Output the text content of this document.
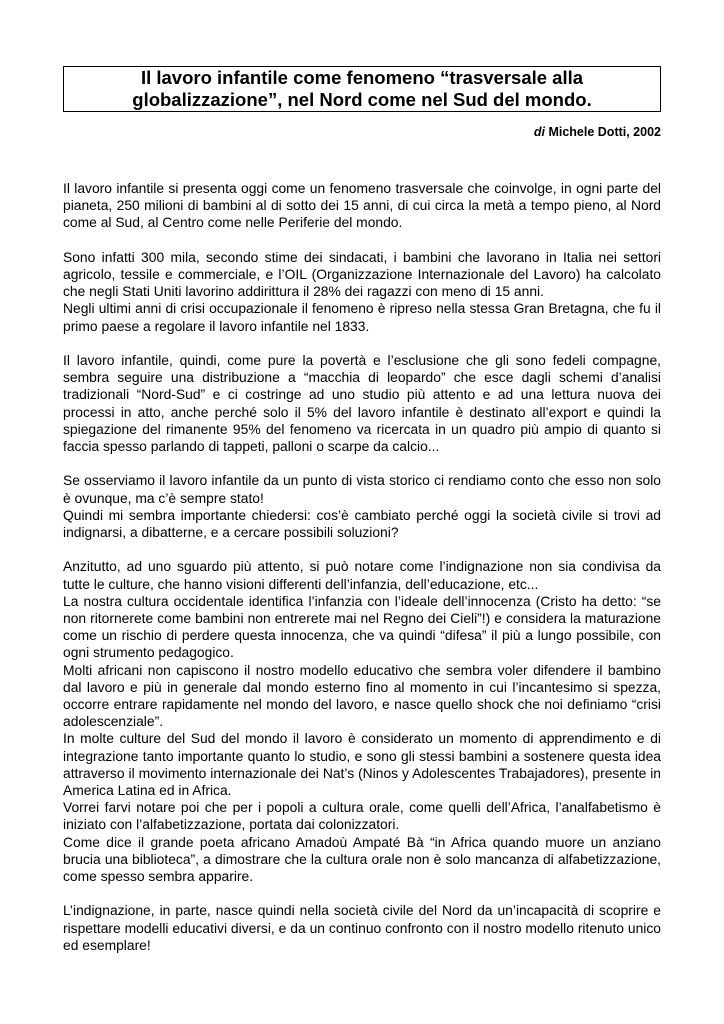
Il lavoro infantile come fenomeno “trasversale alla
globalizzazione”, nel Nord come nel Sud del mondo.
di Michele Dotti, 2002

Il lavoro infantile si presenta oggi come un fenomeno trasversale che coinvolge, in ogni parte del pianeta, 250 milioni di bambini al di sotto dei 15 anni, di cui circa la metà a tempo pieno, al Nord come al Sud, al Centro come nelle Periferie del mondo.

Sono infatti 300 mila, secondo stime dei sindacati, i bambini che lavorano in Italia nei settori agricolo, tessile e commerciale, e l’OIL (Organizzazione Internazionale del Lavoro) ha calcolato che negli Stati Uniti lavorino addirittura il 28% dei ragazzi con meno di 15 anni.
Negli ultimi anni di crisi occupazionale il fenomeno è ripreso nella stessa Gran Bretagna, che fu il primo paese a regolare il lavoro infantile nel 1833.

Il lavoro infantile, quindi, come pure la povertà e l’esclusione che gli sono fedeli compagne, sembra seguire una distribuzione a “macchia di leopardo” che esce dagli schemi d’analisi tradizionali “Nord-Sud” e ci costringe ad uno studio più attento e ad una lettura nuova dei processi in atto, anche perché solo il 5% del lavoro infantile è destinato all’export e quindi la spiegazione del rimanente 95% del fenomeno va ricercata in un quadro più ampio di quanto si faccia spesso parlando di tappeti, palloni o scarpe da calcio...

Se osserviamo il lavoro infantile da un punto di vista storico ci rendiamo conto che esso non solo è ovunque, ma c’è sempre stato!
Quindi mi sembra importante chiedersi: cos’è cambiato perché oggi la società civile si trovi ad indignarsi, a dibatterne, e a cercare possibili soluzioni?

Anzitutto, ad uno sguardo più attento, si può notare come l’indignazione non sia condivisa da tutte le culture, che hanno visioni differenti dell’infanzia, dell’educazione, etc...
La nostra cultura occidentale identifica l’infanzia con l’ideale dell’innocenza (Cristo ha detto: “se non ritornerete come bambini non entrerete mai nel Regno dei Cieli”!) e considera la maturazione come un rischio di perdere questa innocenza, che va quindi “difesa” il più a lungo possibile, con ogni strumento pedagogico.
Molti africani non capiscono il nostro modello educativo che sembra voler difendere il bambino dal lavoro e più in generale dal mondo esterno fino al momento in cui l’incantesimo si spezza, occorre entrare rapidamente nel mondo del lavoro, e nasce quello shock che noi definiamo “crisi adolescenziale”.
In molte culture del Sud del mondo il lavoro è considerato un momento di apprendimento e di integrazione tanto importante quanto lo studio, e sono gli stessi bambini a sostenere questa idea attraverso il movimento internazionale dei Nat’s (Ninos y Adolescentes Trabajadores), presente in America Latina ed in Africa.
Vorrei farvi notare poi che per i popoli a cultura orale, come quelli dell’Africa, l’analfabetismo è iniziato con l’alfabetizzazione, portata dai colonizzatori.
Come dice il grande poeta africano Amadoù Ampaté Bà “in Africa quando muore un anziano brucia una biblioteca”, a dimostrare che la cultura orale non è solo mancanza di alfabetizzazione, come spesso sembra apparire.

L’indignazione, in parte, nasce quindi nella società civile del Nord da un’incapacità di scoprire e rispettare modelli educativi diversi, e da un continuo confronto con il nostro modello ritenuto unico ed esemplare!
